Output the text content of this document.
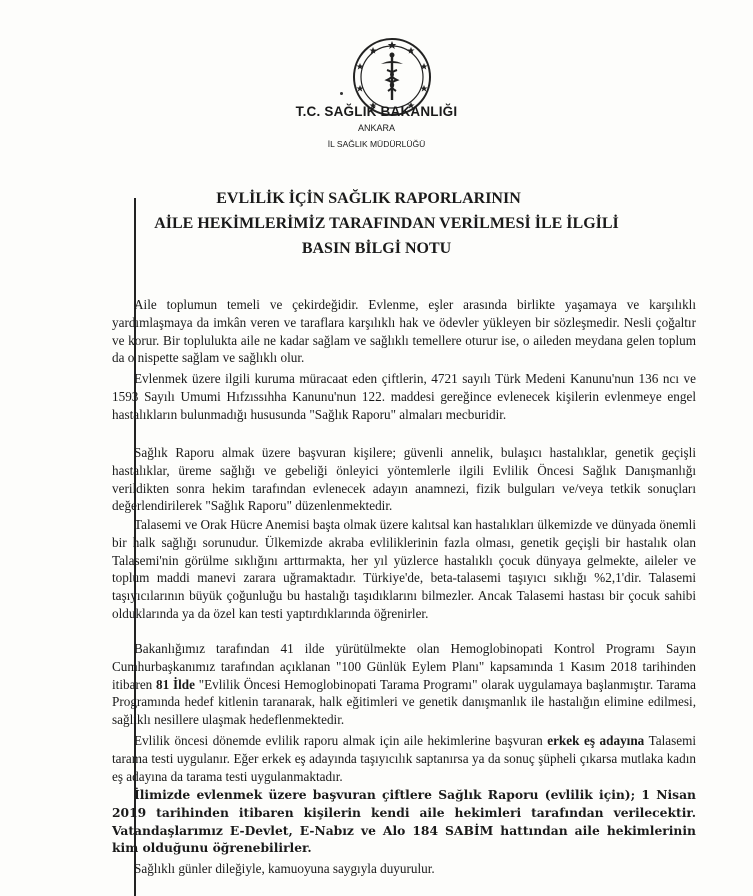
T.C. SAĞLIK BAKANLIĞI
ANKARA
İL SAĞLIK MÜDÜRLÜĞÜ
EVLİLİK İÇİN SAĞLIK RAPORLARININ
AİLE HEKİMLERİMİZ TARAFINDAN VERİLMESİ İLE İLGİLİ
BASIN BİLGİ NOTU

Aile toplumun temeli ve çekirdeğidir. Evlenme, eşler arasında birlikte yaşamaya ve karşılıklı yardımlaşmaya da imkân veren ve taraflara karşılıklı hak ve ödevler yükleyen bir sözleşmedir. Nesli çoğaltır ve korur. Bir toplulukta aile ne kadar sağlam ve sağlıklı temellere oturur ise, o aileden meydana gelen toplum da o nispette sağlam ve sağlıklı olur.

Evlenmek üzere ilgili kuruma müracaat eden çiftlerin, 4721 sayılı Türk Medeni Kanunu'nun 136 ncı ve 1593 Sayılı Umumi Hıfzıssıhha Kanunu'nun 122. maddesi gereğince evlenecek kişilerin evlenmeye engel hastalıkların bulunmadığı hususunda "Sağlık Raporu" almaları mecburidir.

Sağlık Raporu almak üzere başvuran kişilere; güvenli annelik, bulaşıcı hastalıklar, genetik geçişli hastalıklar, üreme sağlığı ve gebeliği önleyici yöntemlerle ilgili Evlilik Öncesi Sağlık Danışmanlığı verildikten sonra hekim tarafından evlenecek adayın anamnezi, fizik bulguları ve/veya tetkik sonuçları değerlendirilerek "Sağlık Raporu" düzenlenmektedir.

Talasemi ve Orak Hücre Anemisi başta olmak üzere kalıtsal kan hastalıkları ülkemizde ve dünyada önemli bir halk sağlığı sorunudur. Ülkemizde akraba evliliklerinin fazla olması, genetik geçişli bir hastalık olan Talasemi'nin görülme sıklığını arttırmakta, her yıl yüzlerce hastalıklı çocuk dünyaya gelmekte, aileler ve toplum maddi manevi zarara uğramaktadır. Türkiye'de, beta-talasemi taşıyıcı sıklığı %2,1'dir. Talasemi taşıyıcılarının büyük çoğunluğu bu hastalığı taşıdıklarını bilmezler. Ancak Talasemi hastası bir çocuk sahibi olduklarında ya da özel kan testi yaptırdıklarında öğrenirler.

Bakanlığımız tarafından 41 ilde yürütülmekte olan Hemoglobinopati Kontrol Programı Sayın Cumhurbaşkanımız tarafından açıklanan "100 Günlük Eylem Planı" kapsamında 1 Kasım 2018 tarihinden itibaren 81 İlde "Evlilik Öncesi Hemoglobinopati Tarama Programı" olarak uygulamaya başlanmıştır. Tarama Programında hedef kitlenin taranarak, halk eğitimleri ve genetik danışmanlık ile hastalığın elimine edilmesi, sağlıklı nesillere ulaşmak hedeflenmektedir.

Evlilik öncesi dönemde evlilik raporu almak için aile hekimlerine başvuran erkek eş adayına Talasemi tarama testi uygulanır. Eğer erkek eş adayında taşıyıcılık saptanırsa ya da sonuç şüpheli çıkarsa mutlaka kadın eş adayına da tarama testi uygulanmaktadır.

İlimizde evlenmek üzere başvuran çiftlere Sağlık Raporu (evlilik için); 1 Nisan 2019 tarihinden itibaren kişilerin kendi aile hekimleri tarafından verilecektir. Vatandaşlarımız E-Devlet, E-Nabız ve Alo 184 SABİM hattından aile hekimlerinin kim olduğunu öğrenebilirler.

Sağlıklı günler dileğiyle, kamuoyuna saygıyla duyurulur.
